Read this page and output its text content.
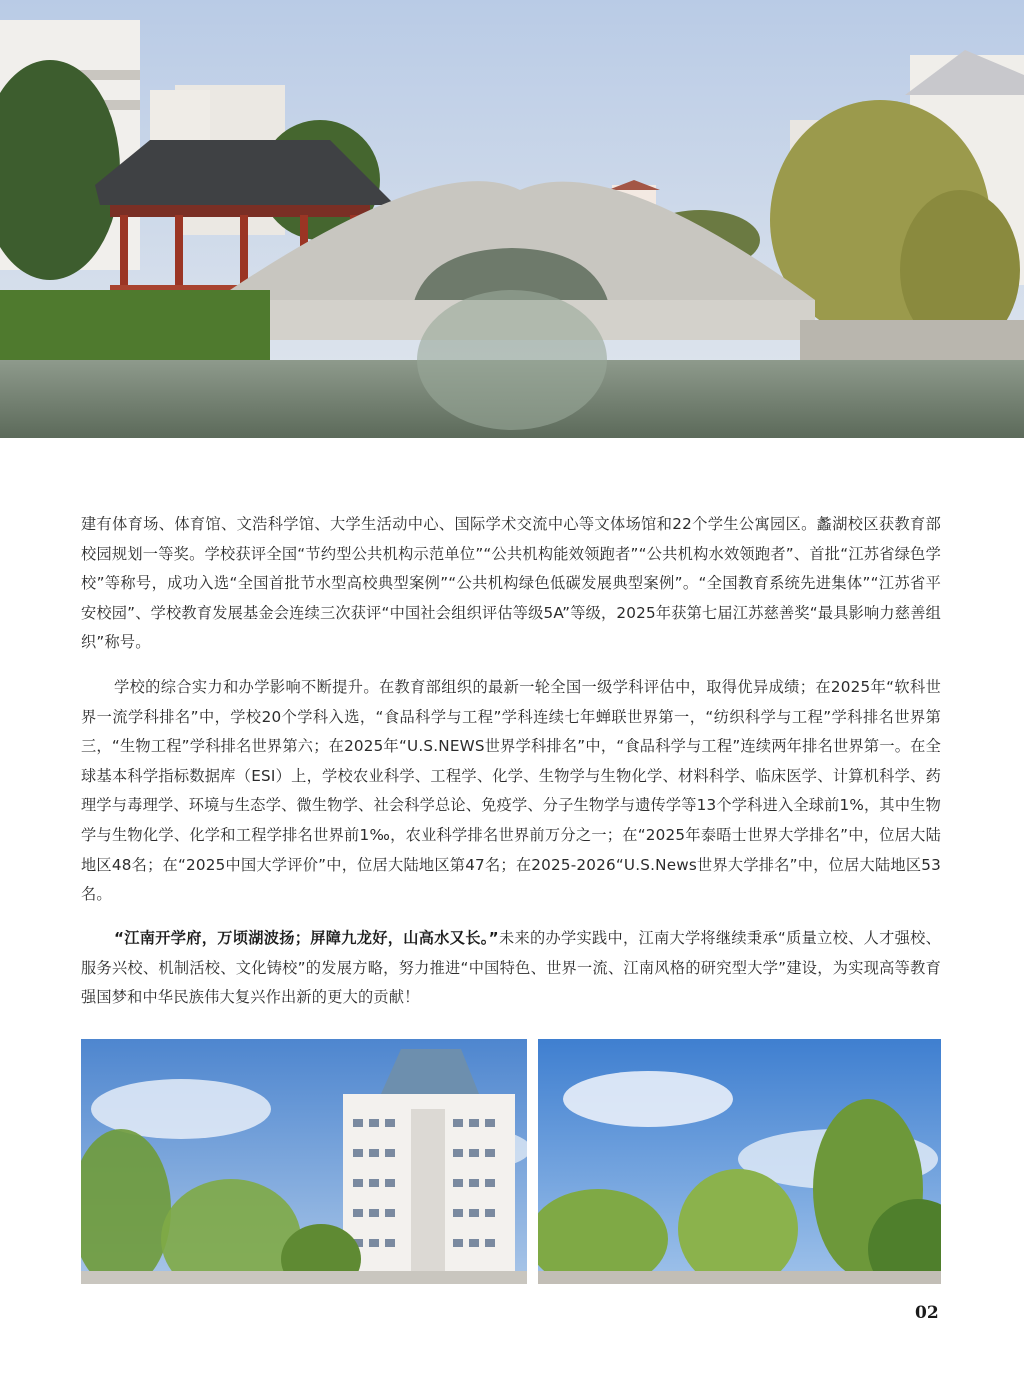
建有体育场、体育馆、文浩科学馆、大学生活动中心、国际学术交流中心等文体场馆和22个学生公寓园区。蠡湖校区获教育部校园规划一等奖。学校获评全国“节约型公共机构示范单位”“公共机构能效领跑者”“公共机构水效领跑者”、首批“江苏省绿色学校”等称号，成功入选“全国首批节水型高校典型案例”“公共机构绿色低碳发展典型案例”。“全国教育系统先进集体”“江苏省平安校园”、学校教育发展基金会连续三次获评“中国社会组织评估等级5A”等级，2025年获第七届江苏慈善奖“最具影响力慈善组织”称号。

学校的综合实力和办学影响不断提升。在教育部组织的最新一轮全国一级学科评估中，取得优异成绩；在2025年“软科世界一流学科排名”中，学校20个学科入选，“食品科学与工程”学科连续七年蝉联世界第一，“纺织科学与工程”学科排名世界第三，“生物工程”学科排名世界第六；在2025年“U.S.NEWS世界学科排名”中，“食品科学与工程”连续两年排名世界第一。在全球基本科学指标数据库（ESI）上，学校农业科学、工程学、化学、生物学与生物化学、材料科学、临床医学、计算机科学、药理学与毒理学、环境与生态学、微生物学、社会科学总论、免疫学、分子生物学与遗传学等13个学科进入全球前1%，其中生物学与生物化学、化学和工程学排名世界前1‰，农业科学排名世界前万分之一；在“2025年泰晤士世界大学排名”中，位居大陆地区48名；在“2025中国大学评价”中，位居大陆地区第47名；在2025-2026“U.S.News世界大学排名”中，位居大陆地区53名。

“江南开学府，万顷湖波扬；屏障九龙好，山高水又长。”未来的办学实践中，江南大学将继续秉承“质量立校、人才强校、服务兴校、机制活校、文化铸校”的发展方略，努力推进“中国特色、世界一流、江南风格的研究型大学”建设，为实现高等教育强国梦和中华民族伟大复兴作出新的更大的贡献！

02
